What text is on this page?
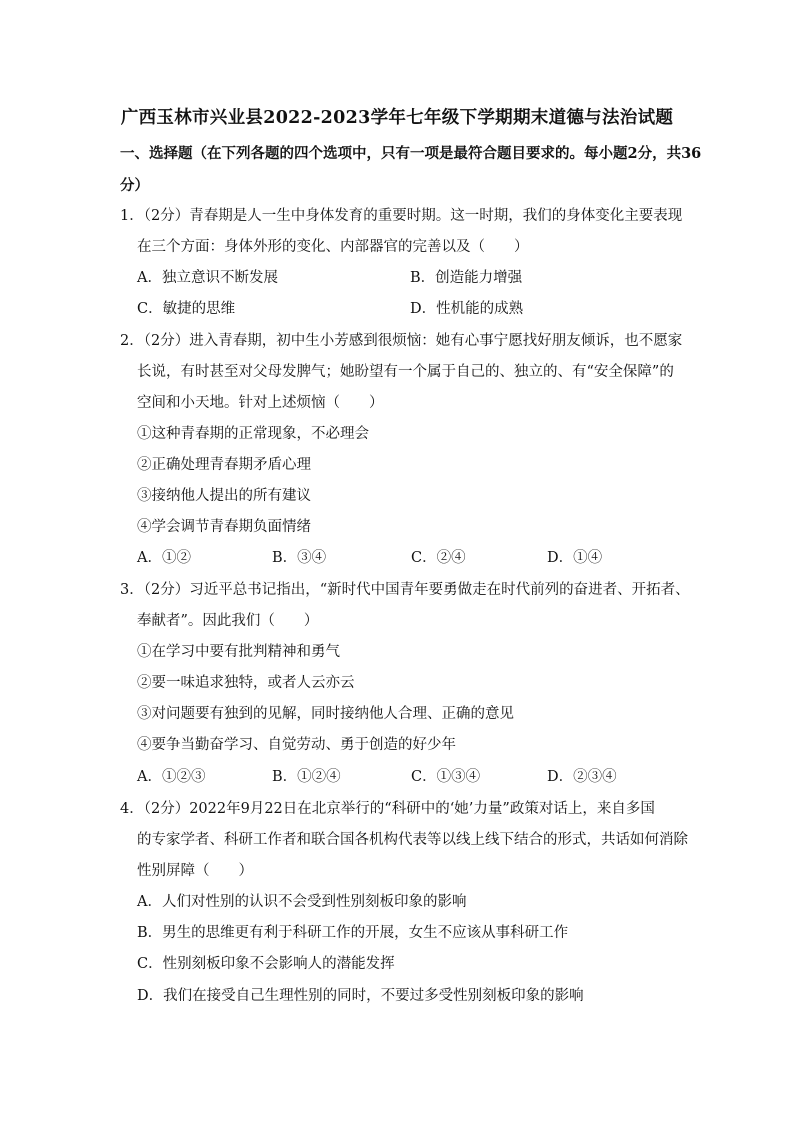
广西玉林市兴业县2022-2023学年七年级下学期期末道德与法治试题
一、选择题（在下列各题的四个选项中，只有一项是最符合题目要求的。每小题2分，共36
分）
1．（2分）青春期是人一生中身体发育的重要时期。这一时期，我们的身体变化主要表现
在三个方面：身体外形的变化、内部器官的完善以及（　　）
A．独立意识不断发展	B．创造能力增强
C．敏捷的思维	D．性机能的成熟
2．（2分）进入青春期，初中生小芳感到很烦恼：她有心事宁愿找好朋友倾诉，也不愿家
长说，有时甚至对父母发脾气；她盼望有一个属于自己的、独立的、有“安全保障”的
空间和小天地。针对上述烦恼（　　）
①这种青春期的正常现象，不必理会
②正确处理青春期矛盾心理
③接纳他人提出的所有建议
④学会调节青春期负面情绪
A．①②	B．③④	C．②④	D．①④
3．（2分）习近平总书记指出，“新时代中国青年要勇做走在时代前列的奋进者、开拓者、
奉献者”。因此我们（　　）
①在学习中要有批判精神和勇气
②要一味追求独特，或者人云亦云
③对问题要有独到的见解，同时接纳他人合理、正确的意见
④要争当勤奋学习、自觉劳动、勇于创造的好少年
A．①②③	B．①②④	C．①③④	D．②③④
4．（2分）2022年9月22日在北京举行的“科研中的‘她’力量”政策对话上，来自多国
的专家学者、科研工作者和联合国各机构代表等以线上线下结合的形式，共话如何消除
性别屏障（　　）
A．人们对性别的认识不会受到性别刻板印象的影响
B．男生的思维更有利于科研工作的开展，女生不应该从事科研工作
C．性别刻板印象不会影响人的潜能发挥
D．我们在接受自己生理性别的同时，不要过多受性别刻板印象的影响
